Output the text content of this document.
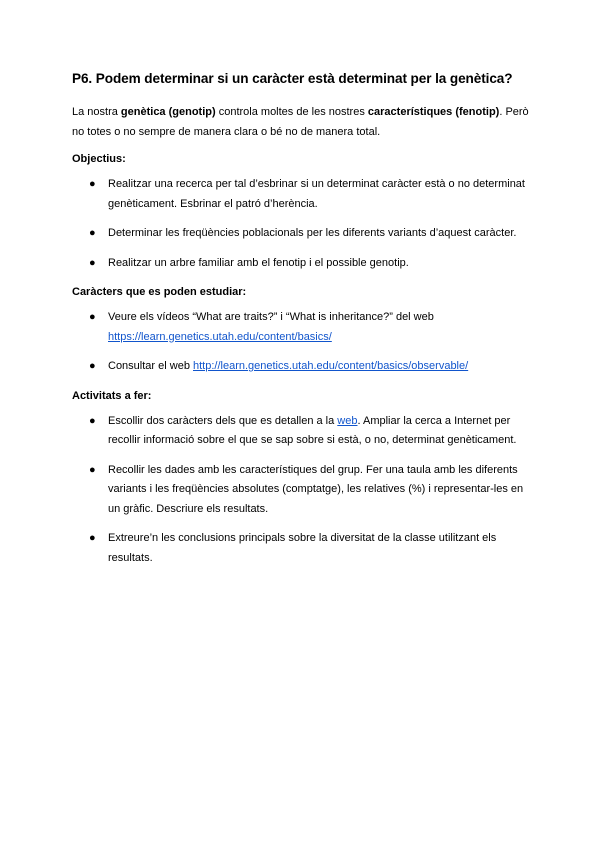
P6. Podem determinar si un caràcter està determinat per la genètica?

La nostra genètica (genotip) controla moltes de les nostres característiques (fenotip). Però no totes o no sempre de manera clara o bé no de manera total.

Objectius:
● Realitzar una recerca per tal d’esbrinar si un determinat caràcter està o no determinat genèticament. Esbrinar el patró d’herència.
● Determinar les freqüències poblacionals per les diferents variants d’aquest caràcter.
● Realitzar un arbre familiar amb el fenotip i el possible genotip.
Caràcters que es poden estudiar:
● Veure els vídeos “What are traits?” i “What is inheritance?” del web https://learn.genetics.utah.edu/content/basics/
● Consultar el web http://learn.genetics.utah.edu/content/basics/observable/
Activitats a fer:
● Escollir dos caràcters dels que es detallen a la web. Ampliar la cerca a Internet per recollir informació sobre el que se sap sobre si està, o no, determinat genèticament.
● Recollir les dades amb les característiques del grup. Fer una taula amb les diferents variants i les freqüències absolutes (comptatge), les relatives (%) i representar-les en un gràfic. Descriure els resultats.
● Extreure’n les conclusions principals sobre la diversitat de la classe utilitzant els resultats.
